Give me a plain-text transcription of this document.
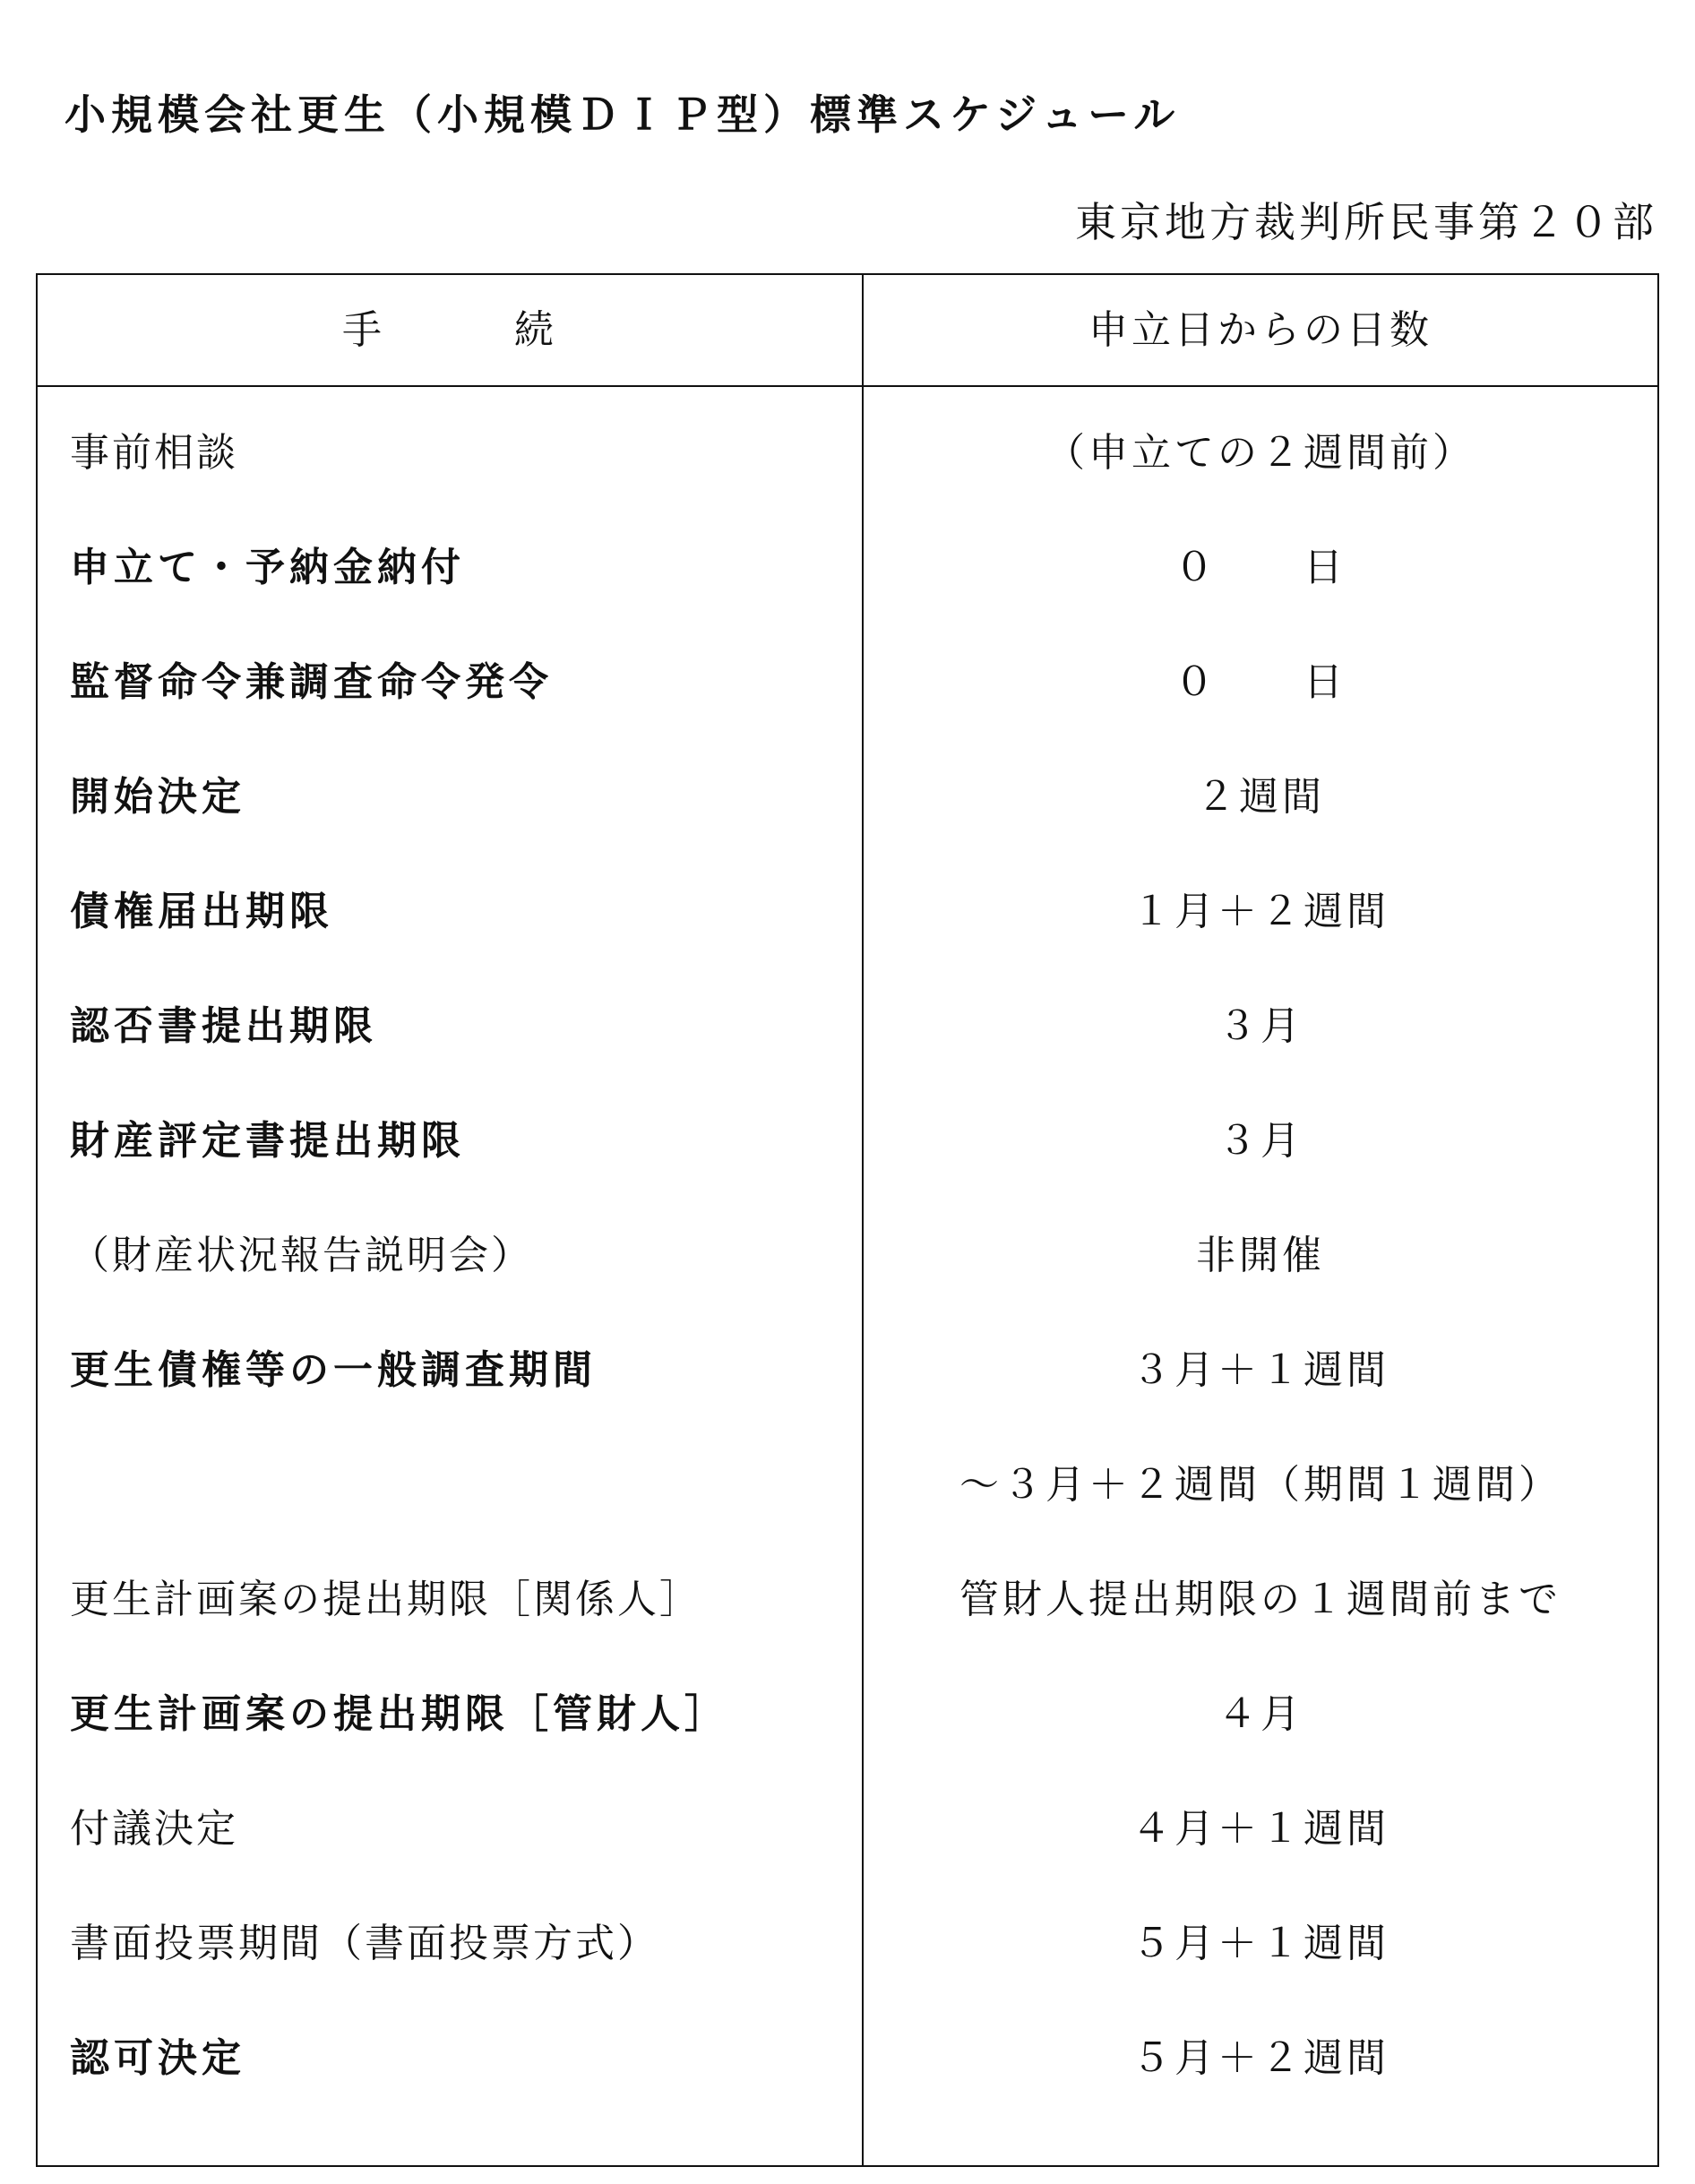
小規模会社更生（小規模ＤＩＰ型）標準スケジュール
東京地方裁判所民事第２０部
手　　　続	申立日からの日数
事前相談	（申立ての２週間前）
申立て・予納金納付	０　　日
監督命令兼調査命令発令	０　　日
開始決定	２週間
債権届出期限	１月＋２週間
認否書提出期限	３月
財産評定書提出期限	３月
（財産状況報告説明会）	非開催
更生債権等の一般調査期間	３月＋１週間
～３月＋２週間（期間１週間）
更生計画案の提出期限［関係人］	管財人提出期限の１週間前まで
更生計画案の提出期限［管財人］	４月
付議決定	４月＋１週間
書面投票期間（書面投票方式）	５月＋１週間
認可決定	５月＋２週間
